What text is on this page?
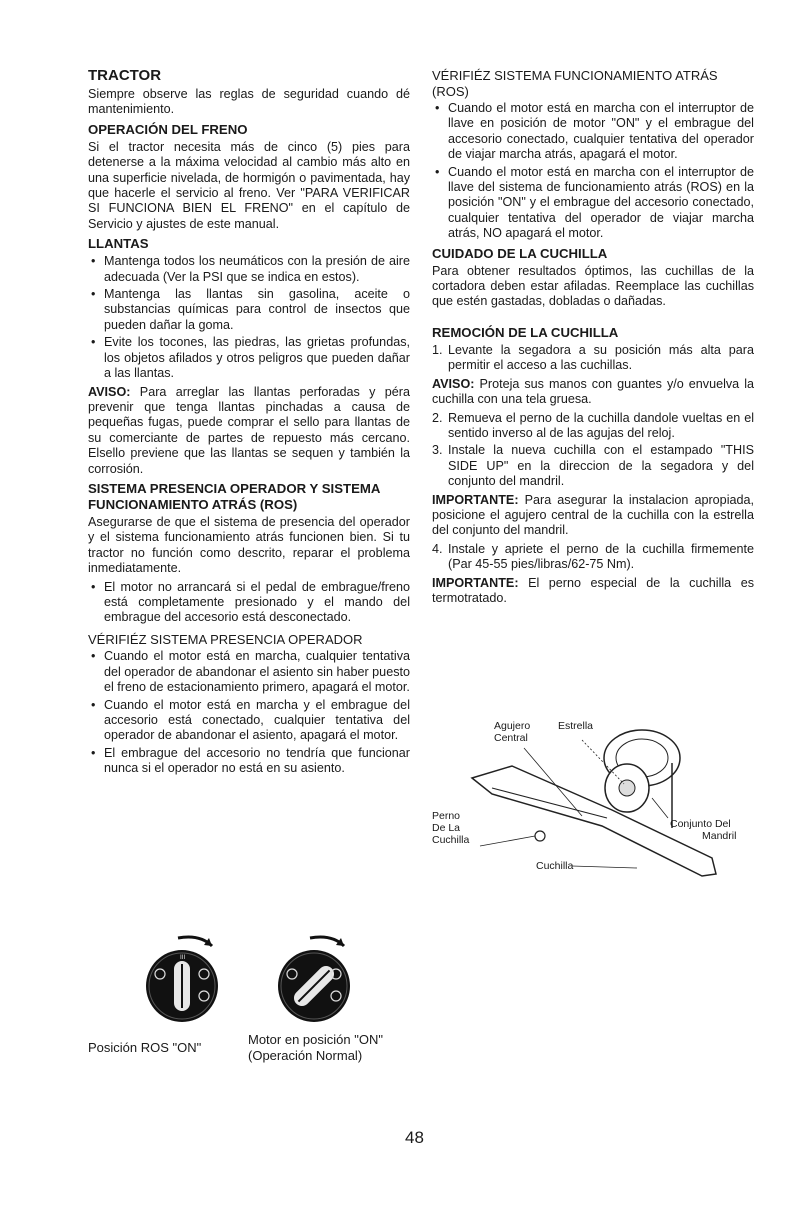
TRACTOR

Siempre observe las reglas de seguridad cuando dé mantenimiento.

OPERACIÓN DEL FRENO

Si el tractor necesita más de cinco (5) pies para detenerse a la máxima velocidad al cambio más alto en una superficie nivelada, de hormigón o pavimentada, hay que hacerle el servicio al freno. Ver "PARA VERIFICAR SI FUNCIONA BIEN EL FRENO" en el capítulo de Servicio y ajustes de este manual.

LLANTAS
• Mantenga todos los neumáticos con la presión de aire adecuada (Ver la PSI que se indica en estos).
• Mantenga las llantas sin gasolina, aceite o substancias químicas para control de insectos que pueden dañar la goma.
• Evite los tocones, las piedras, las grietas profundas, los objetos afilados y otros peligros que pueden dañar a las llantas.

AVISO: Para arreglar las llantas perforadas y péra prevenir que tenga llantas pinchadas a causa de pequeñas fugas, puede comprar el sello para llantas de su comerciante de partes de repuesto más cercano. Elsello previene que las llantas se sequen y también la corrosión.

SISTEMA PRESENCIA OPERADOR Y SISTEMA FUNCIONAMIENTO ATRÁS (ROS)

Asegurarse de que el sistema de presencia del operador y el sistema funcionamiento atrás funcionen bien. Si tu tractor no función como descrito, reparar el problema inmediatamente.

• El motor no arrancará si el pedal de embrague/freno está completamente presionado y el mando del embrague del accesorio está desconectado.
VÉRIFIÉZ SISTEMA PRESENCIA OPERADOR
• Cuando el motor está en marcha, cualquier tentativa del operador de abandonar el asiento sin haber puesto el freno de estacionamiento primero, apagará el motor.
• Cuando el motor está en marcha y el embrague del accesorio está conectado, cualquier tentativa del operador de abandonar el asiento, apagará el motor.
• El embrague del accesorio no tendría que funcionar nunca si el operador no está en su asiento.
III
Posición ROS "ON"
Motor en posición "ON"
(Operación Normal)
VÉRIFIÉZ SISTEMA FUNCIONAMIENTO ATRÁS (ROS)
• Cuando el motor está en marcha con el interruptor de llave en posición de motor "ON" y el embrague del accesorio conectado, cualquier tentativa del operador de viajar marcha atrás, apagará el motor.
• Cuando el motor está en marcha con el interruptor de llave del sistema de funcionamiento atrás (ROS) en la posición "ON" y el embrague del accesorio conectado, cualquier tentativa del operador de viajar marcha atrás, NO apagará el motor.
CUIDADO DE LA CUCHILLA

Para obtener resultados óptimos, las cuchillas de la cortadora deben estar afiladas. Reemplace las cuchillas que estén gastadas, dobladas o dañadas.

REMOCIÓN DE LA CUCHILLA
1. Levante la segadora a su posición más alta para permitir el acceso a las cuchillas.

AVISO: Proteja sus manos con guantes y/o envuelva la cuchilla con una tela gruesa.

2. Remueva el perno de la cuchilla dandole vueltas en el sentido inverso al de las agujas del reloj.
3. Instale la nueva cuchilla con el estampado "THIS SIDE UP" en la direccion de la segadora y del conjunto del mandril.

IMPORTANTE: Para asegurar la instalacion apropiada, posicione el agujero central de la cuchilla con la estrella del conjunto del mandril.

4. Instale y apriete el perno de la cuchilla firmemente (Par 45-55 pies/libras/62-75 Nm).

IMPORTANTE: El perno especial de la cuchilla es termotratado.

Agujero
Central
Estrella
Perno
De La
Cuchilla
Conjunto Del
Mandril
Cuchilla
48
